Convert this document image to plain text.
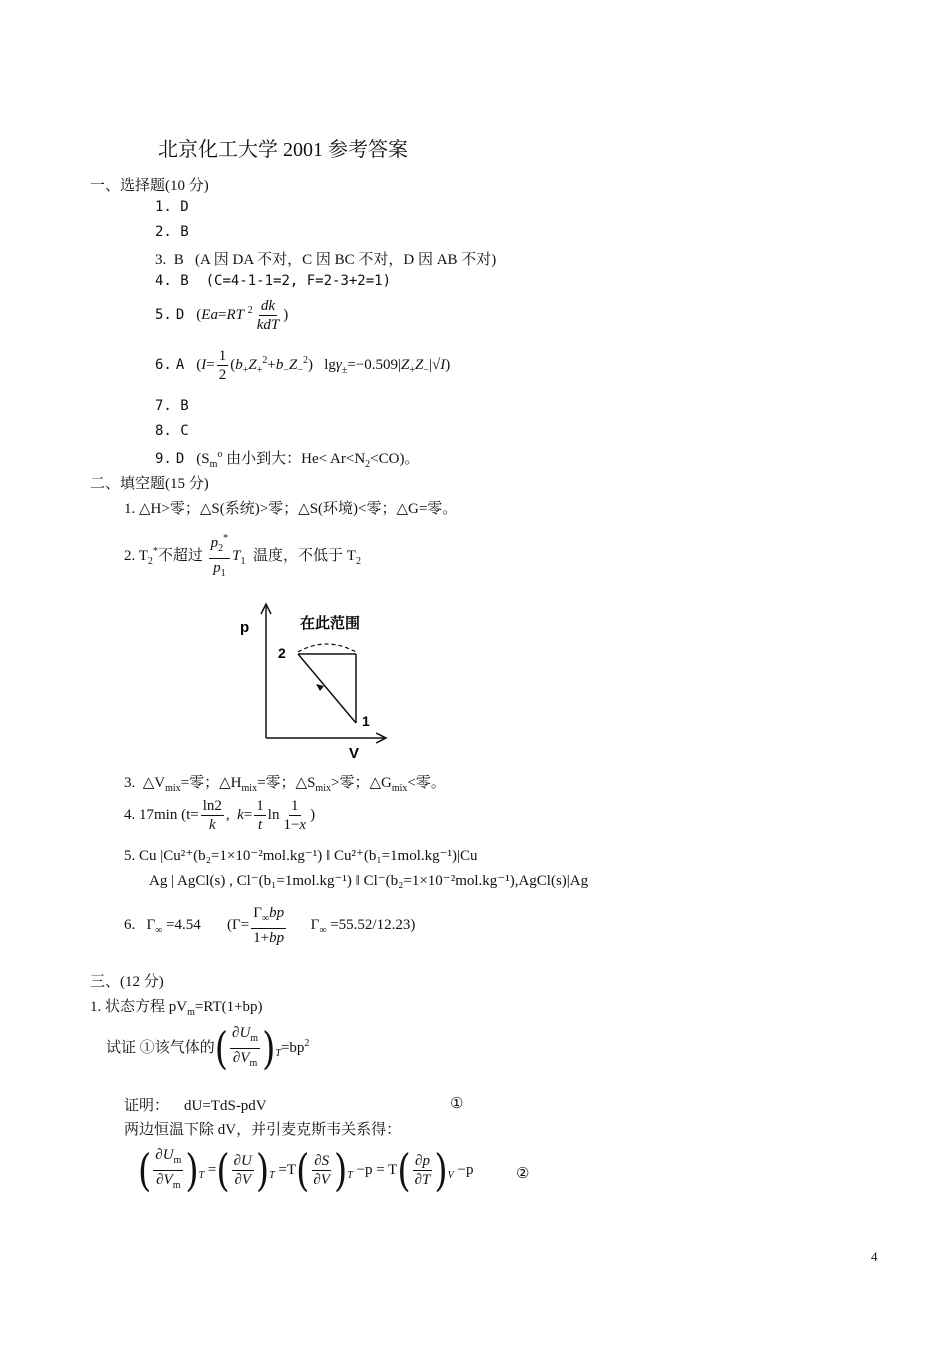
北京化工大学 2001 参考答案
一、选择题(10 分)
1. D
2. B
3. B (A 因 DA 不对，C 因 BC 不对，D 因 AB 不对)
4. B (C=4-1-1=2, F=2-3+2=1)
5. D (Ea=RT $^2 \frac{dk}{\text{kdT}}$ )
6. A ($I= \frac{1}{2} (b_+Z_+^2+b_-Z_-^2)$   $\lg\gamma_\pm=-0.509|Z_+Z_-|√I$)
7. B
8. C
9. D ($S_m^o$ 由小到大：$He< Ar<N_2<CO$)。
二、填空题(15 分)
1. △H>零；△S(系统)>零；△S(环境)<零；△G=零。
2. $T_2^*$不超过 $\frac{p_2^*}{p_1} T_1$ 温度，不低于 $T_2$
p
V
2
1
在此范围
3.  $\triangle V_{mix}=$零；$\triangle H_{mix}=$零；$\triangle S_{mix}>$零；$\triangle G_{mix}<$零。
4. 17min ($t= \frac{\ln 2}{k}$ ,  $k= \frac{1}{t}$ $\ln \frac{1}{1-x}$ )
5. Cu |Cu²⁺(b₂=1×10⁻²mol.kg⁻¹) ‖ Cu²⁺(b₁=1mol.kg⁻¹)|Cu
Ag | AgCl(s) , Cl⁻(b₁=1mol.kg⁻¹) ‖ Cl⁻(b₂=1×10⁻²mol.kg⁻¹),AgCl(s)|Ag
6.   $\Gamma_\infty =4.54$       $(\Gamma= \frac{\Gamma_\infty bp}{1+bp} \Gamma_\infty =55.52/12.23)$
三、(12 分)
1. 状态方程 $pV_m=RT(1+bp)$
试证 ①该气体的( $\frac{\partial U_m}{\partial V_m} )_T=bp^2$
证明： dU=TdS-pdV	①
两边恒温下除 dV，并引麦克斯韦关系得：
( $\frac{\partial U_m}{\partial V_m} )_T$ =( $\frac{\partial U}{\partial V} )_T =T( \frac{\partial S}{\partial V} )_T -p = T( \frac{\partial p}{\partial T} )_V -p$	②
4
